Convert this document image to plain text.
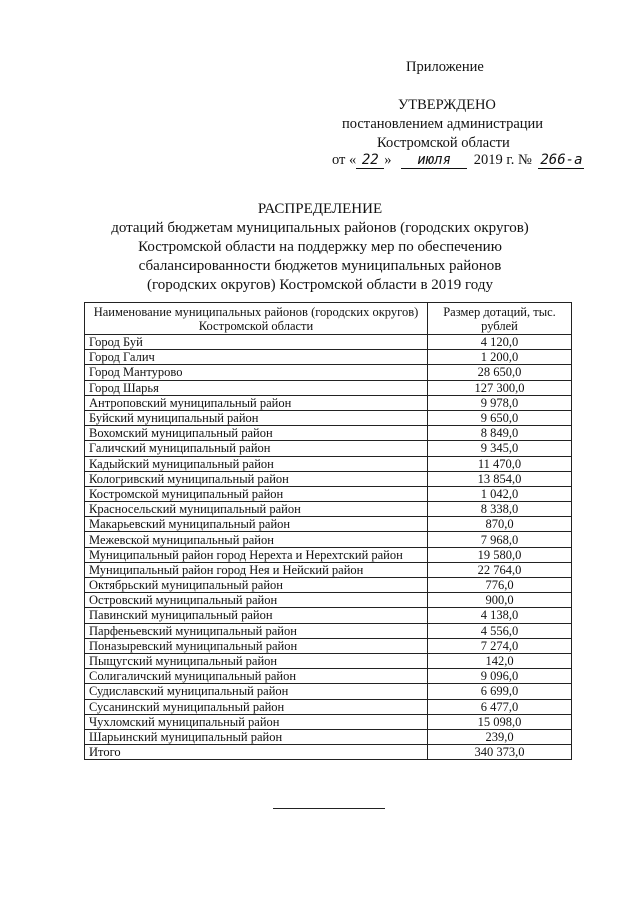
Приложение
УТВЕРЖДЕНО
постановлением администрации
Костромской области
от « 22 » июля 2019 г. № 266-а
РАСПРЕДЕЛЕНИЕ
дотаций бюджетам муниципальных районов (городских округов)
Костромской области на поддержку мер по обеспечению
сбалансированности бюджетов муниципальных районов
(городских округов) Костромской области в 2019 году
Наименование муниципальных районов (городских округов) Костромской области	Размер дотаций, тыс. рублей
Город Буй	4 120,0
Город Галич	1 200,0
Город Мантурово	28 650,0
Город Шарья	127 300,0
Антроповский муниципальный район	9 978,0
Буйский муниципальный район	9 650,0
Вохомский муниципальный район	8 849,0
Галичский муниципальный район	9 345,0
Кадыйский муниципальный район	11 470,0
Кологривский муниципальный район	13 854,0
Костромской муниципальный район	1 042,0
Красносельский муниципальный район	8 338,0
Макарьевский муниципальный район	870,0
Межевской муниципальный район	7 968,0
Муниципальный район город Нерехта и Нерехтский район	19 580,0
Муниципальный район город Нея и Нейский район	22 764,0
Октябрьский муниципальный район	776,0
Островский муниципальный район	900,0
Павинский муниципальный район	4 138,0
Парфеньевский муниципальный район	4 556,0
Поназыревский муниципальный район	7 274,0
Пыщугский муниципальный район	142,0
Солигаличский муниципальный район	9 096,0
Судиславский муниципальный район	6 699,0
Сусанинский муниципальный район	6 477,0
Чухломский муниципальный район	15 098,0
Шарьинский муниципальный район	239,0
Итого	340 373,0
